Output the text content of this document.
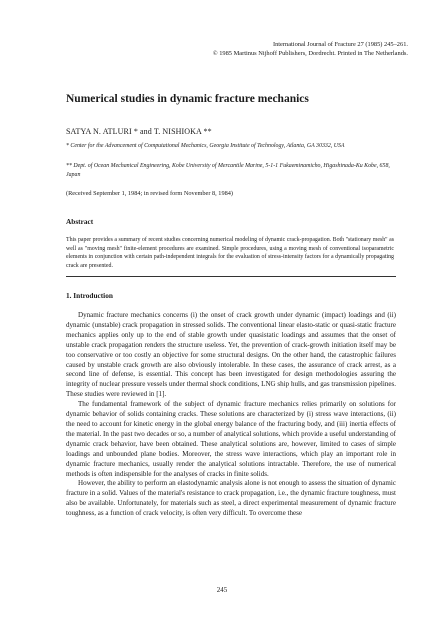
International Journal of Fracture 27 (1985) 245–261.
© 1985 Martinus Nijhoff Publishers, Dordrecht. Printed in The Netherlands.
Numerical studies in dynamic fracture mechanics
SATYA N. ATLURI * and T. NISHIOKA **
* Center for the Advancement of Computational Mechanics, Georgia Institute of Technology, Atlanta, GA 30332, USA
** Dept. of Ocean Mechanical Engineering, Kobe University of Mercantile Marine, 5-1-1 Fukaeminamicho, Higashinada-Ku Kobe, 658, Japan
(Received September 1, 1984; in revised form November 8, 1984)
Abstract
This paper provides a summary of recent studies concerning numerical modeling of dynamic crack-propagation. Both "stationary mesh" as well as "moving mesh" finite-element procedures are examined. Simple procedures, using a moving mesh of conventional isoparametric elements in conjunction with certain path-independent integrals for the evaluation of stress-intensity factors for a dynamically propagating crack are presented.
1. Introduction

Dynamic fracture mechanics concerns (i) the onset of crack growth under dynamic (impact) loadings and (ii) dynamic (unstable) crack propagation in stressed solids. The conventional linear elasto-static or quasi-static fracture mechanics applies only up to the end of stable growth under quasistatic loadings and assumes that the onset of unstable crack propagation renders the structure useless. Yet, the prevention of crack-growth initiation itself may be too conservative or too costly an objective for some structural designs. On the other hand, the catastrophic failures caused by unstable crack growth are also obviously intolerable. In these cases, the assurance of crack arrest, as a second line of defense, is essential. This concept has been investigated for design methodologies assuring the integrity of nuclear pressure vessels under thermal shock conditions, LNG ship hulls, and gas transmission pipelines. These studies were reviewed in [1].

The fundamental framework of the subject of dynamic fracture mechanics relies primarily on solutions for dynamic behavior of solids containing cracks. These solutions are characterized by (i) stress wave interactions, (ii) the need to account for kinetic energy in the global energy balance of the fracturing body, and (iii) inertia effects of the material. In the past two decades or so, a number of analytical solutions, which provide a useful understanding of dynamic crack behavior, have been obtained. These analytical solutions are, however, limited to cases of simple loadings and unbounded plane bodies. Moreover, the stress wave interactions, which play an important role in dynamic fracture mechanics, usually render the analytical solutions intractable. Therefore, the use of numerical methods is often indispensible for the analyses of cracks in finite solids.

However, the ability to perform an elastodynamic analysis alone is not enough to assess the situation of dynamic fracture in a solid. Values of the material's resistance to crack propagation, i.e., the dynamic fracture toughness, must also be available. Unfortunately, for materials such as steel, a direct experimental measurement of dynamic fracture toughness, as a function of crack velocity, is often very difficult. To overcome these

245
